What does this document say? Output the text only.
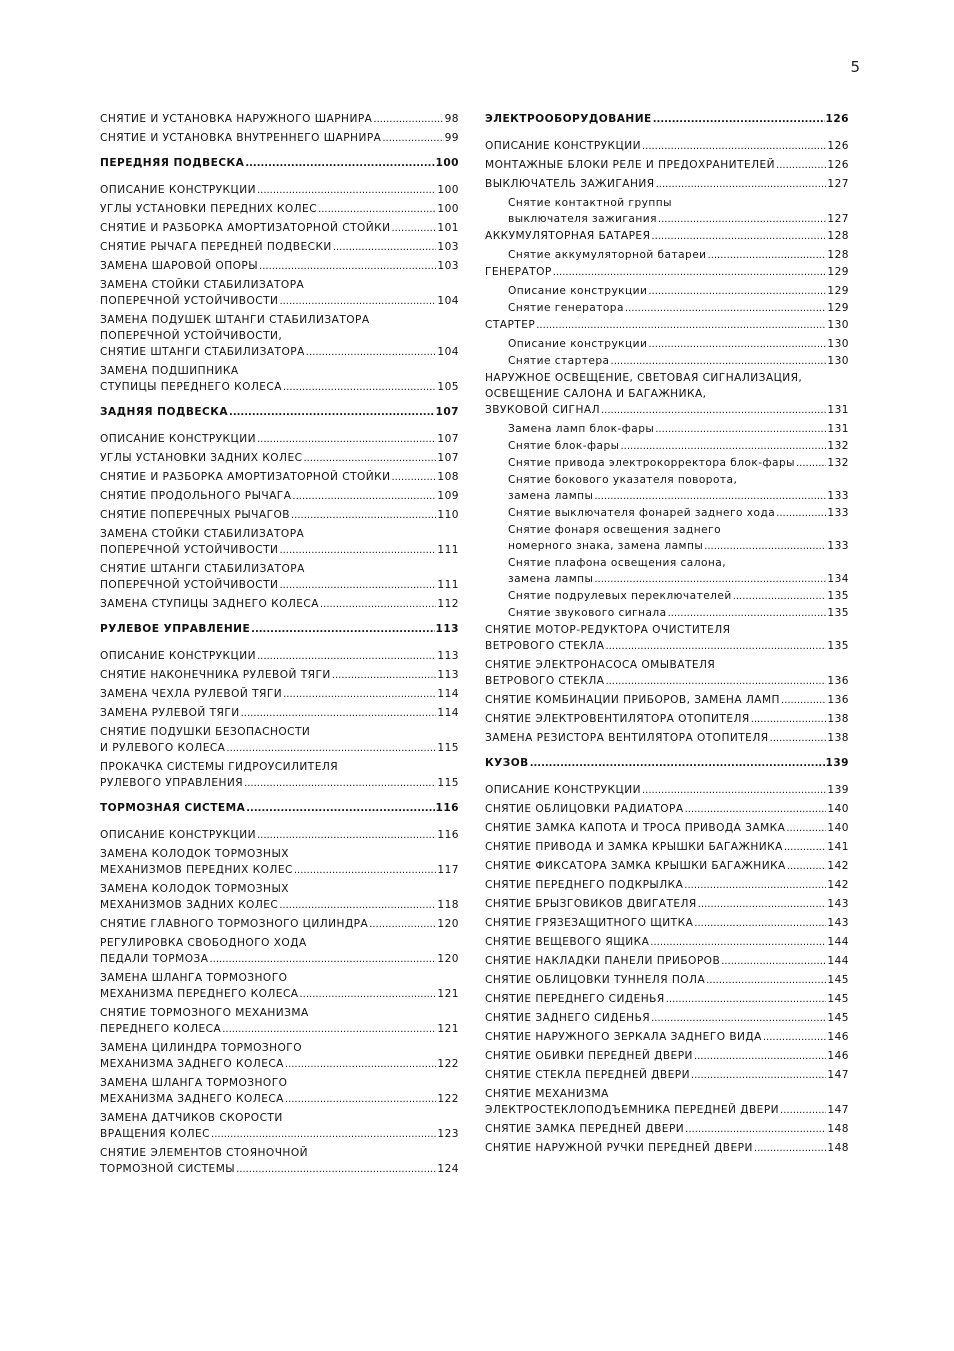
5
СНЯТИЕ И УСТАНОВКА НАРУЖНОГО ШАРНИРА .....	98
СНЯТИЕ И УСТАНОВКА ВНУТРЕННЕГО ШАРНИРА .....	99
ПЕРЕДНЯЯ ПОДВЕСКА .....	100
ОПИСАНИЕ КОНСТРУКЦИИ .....	100
УГЛЫ УСТАНОВКИ ПЕРЕДНИХ КОЛЕС .....	100
СНЯТИЕ И РАЗБОРКА АМОРТИЗАТОРНОЙ СТОЙКИ .....	101
СНЯТИЕ РЫЧАГА ПЕРЕДНЕЙ ПОДВЕСКИ .....	103
ЗАМЕНА ШАРОВОЙ ОПОРЫ .....	103
ЗАМЕНА СТОЙКИ СТАБИЛИЗАТОРА
ПОПЕРЕЧНОЙ УСТОЙЧИВОСТИ .....	104
ЗАМЕНА ПОДУШЕК ШТАНГИ СТАБИЛИЗАТОРА
ПОПЕРЕЧНОЙ УСТОЙЧИВОСТИ,
СНЯТИЕ ШТАНГИ СТАБИЛИЗАТОРА .....	104
ЗАМЕНА ПОДШИПНИКА
СТУПИЦЫ ПЕРЕДНЕГО КОЛЕСА .....	105
ЗАДНЯЯ ПОДВЕСКА .....	107
ОПИСАНИЕ КОНСТРУКЦИИ .....	107
УГЛЫ УСТАНОВКИ ЗАДНИХ КОЛЕС .....	107
СНЯТИЕ И РАЗБОРКА АМОРТИЗАТОРНОЙ СТОЙКИ .....	108
СНЯТИЕ ПРОДОЛЬНОГО РЫЧАГА .....	109
СНЯТИЕ ПОПЕРЕЧНЫХ РЫЧАГОВ .....	110
ЗАМЕНА СТОЙКИ СТАБИЛИЗАТОРА
ПОПЕРЕЧНОЙ УСТОЙЧИВОСТИ .....	111
СНЯТИЕ ШТАНГИ СТАБИЛИЗАТОРА
ПОПЕРЕЧНОЙ УСТОЙЧИВОСТИ .....	111
ЗАМЕНА СТУПИЦЫ ЗАДНЕГО КОЛЕСА .....	112
РУЛЕВОЕ УПРАВЛЕНИЕ .....	113
ОПИСАНИЕ КОНСТРУКЦИИ .....	113
СНЯТИЕ НАКОНЕЧНИКА РУЛЕВОЙ ТЯГИ .....	113
ЗАМЕНА ЧЕХЛА РУЛЕВОЙ ТЯГИ .....	114
ЗАМЕНА РУЛЕВОЙ ТЯГИ .....	114
СНЯТИЕ ПОДУШКИ БЕЗОПАСНОСТИ
И РУЛЕВОГО КОЛЕСА .....	115
ПРОКАЧКА СИСТЕМЫ ГИДРОУСИЛИТЕЛЯ
РУЛЕВОГО УПРАВЛЕНИЯ .....	115
ТОРМОЗНАЯ СИСТЕМА .....	116
ОПИСАНИЕ КОНСТРУКЦИИ .....	116
ЗАМЕНА КОЛОДОК ТОРМОЗНЫХ
МЕХАНИЗМОВ ПЕРЕДНИХ КОЛЕС .....	117
ЗАМЕНА КОЛОДОК ТОРМОЗНЫХ
МЕХАНИЗМОВ ЗАДНИХ КОЛЕС .....	118
СНЯТИЕ ГЛАВНОГО ТОРМОЗНОГО ЦИЛИНДРА .....	120
РЕГУЛИРОВКА СВОБОДНОГО ХОДА
ПЕДАЛИ ТОРМОЗА .....	120
ЗАМЕНА ШЛАНГА ТОРМОЗНОГО
МЕХАНИЗМА ПЕРЕДНЕГО КОЛЕСА .....	121
СНЯТИЕ ТОРМОЗНОГО МЕХАНИЗМА
ПЕРЕДНЕГО КОЛЕСА .....	121
ЗАМЕНА ЦИЛИНДРА ТОРМОЗНОГО
МЕХАНИЗМА ЗАДНЕГО КОЛЕСА .....	122
ЗАМЕНА ШЛАНГА ТОРМОЗНОГО
МЕХАНИЗМА ЗАДНЕГО КОЛЕСА .....	122
ЗАМЕНА ДАТЧИКОВ СКОРОСТИ
ВРАЩЕНИЯ КОЛЕС .....	123
СНЯТИЕ ЭЛЕМЕНТОВ СТОЯНОЧНОЙ
ТОРМОЗНОЙ СИСТЕМЫ .....	124
ЭЛЕКТРООБОРУДОВАНИЕ .....	126
ОПИСАНИЕ КОНСТРУКЦИИ .....	126
МОНТАЖНЫЕ БЛОКИ РЕЛЕ И ПРЕДОХРАНИТЕЛЕЙ .....	126
ВЫКЛЮЧАТЕЛЬ ЗАЖИГАНИЯ .....	127
Снятие контактной группы
выключателя зажигания .....	127
АККУМУЛЯТОРНАЯ БАТАРЕЯ .....	128
Снятие аккумуляторной батареи .....	128
ГЕНЕРАТОР .....	129
Описание конструкции .....	129
Снятие генератора .....	129
СТАРТЕР .....	130
Описание конструкции .....	130
Снятие стартера .....	130
НАРУЖНОЕ ОСВЕЩЕНИЕ, СВЕТОВАЯ СИГНАЛИЗАЦИЯ,
ОСВЕЩЕНИЕ САЛОНА И БАГАЖНИКА,
ЗВУКОВОЙ СИГНАЛ .....	131
Замена ламп блок-фары .....	131
Снятие блок-фары .....	132
Снятие привода электрокорректора блок-фары .....	132
Снятие бокового указателя поворота,
замена лампы .....	133
Снятие выключателя фонарей заднего хода .....	133
Снятие фонаря освещения заднего
номерного знака, замена лампы .....	133
Снятие плафона освещения салона,
замена лампы .....	134
Снятие подрулевых переключателей .....	135
Снятие звукового сигнала .....	135
СНЯТИЕ МОТОР-РЕДУКТОРА ОЧИСТИТЕЛЯ
ВЕТРОВОГО СТЕКЛА .....	135
СНЯТИЕ ЭЛЕКТРОНАСОСА ОМЫВАТЕЛЯ
ВЕТРОВОГО СТЕКЛА .....	136
СНЯТИЕ КОМБИНАЦИИ ПРИБОРОВ, ЗАМЕНА ЛАМП .....	136
СНЯТИЕ ЭЛЕКТРОВЕНТИЛЯТОРА ОТОПИТЕЛЯ .....	138
ЗАМЕНА РЕЗИСТОРА ВЕНТИЛЯТОРА ОТОПИТЕЛЯ .....	138
КУЗОВ .....	139
ОПИСАНИЕ КОНСТРУКЦИИ .....	139
СНЯТИЕ ОБЛИЦОВКИ РАДИАТОРА .....	140
СНЯТИЕ ЗАМКА КАПОТА И ТРОСА ПРИВОДА ЗАМКА .....	140
СНЯТИЕ ПРИВОДА И ЗАМКА КРЫШКИ БАГАЖНИКА .....	141
СНЯТИЕ ФИКСАТОРА ЗАМКА КРЫШКИ БАГАЖНИКА .....	142
СНЯТИЕ ПЕРЕДНЕГО ПОДКРЫЛКА .....	142
СНЯТИЕ БРЫЗГОВИКОВ ДВИГАТЕЛЯ .....	143
СНЯТИЕ ГРЯЗЕЗАЩИТНОГО ЩИТКА .....	143
СНЯТИЕ ВЕЩЕВОГО ЯЩИКА .....	144
СНЯТИЕ НАКЛАДКИ ПАНЕЛИ ПРИБОРОВ .....	144
СНЯТИЕ ОБЛИЦОВКИ ТУННЕЛЯ ПОЛА .....	145
СНЯТИЕ ПЕРЕДНЕГО СИДЕНЬЯ .....	145
СНЯТИЕ ЗАДНЕГО СИДЕНЬЯ .....	145
СНЯТИЕ НАРУЖНОГО ЗЕРКАЛА ЗАДНЕГО ВИДА .....	146
СНЯТИЕ ОБИВКИ ПЕРЕДНЕЙ ДВЕРИ .....	146
СНЯТИЕ СТЕКЛА ПЕРЕДНЕЙ ДВЕРИ .....	147
СНЯТИЕ МЕХАНИЗМА
ЭЛЕКТРОСТЕКЛОПОДЪЕМНИКА ПЕРЕДНЕЙ ДВЕРИ .....	147
СНЯТИЕ ЗАМКА ПЕРЕДНЕЙ ДВЕРИ .....	148
СНЯТИЕ НАРУЖНОЙ РУЧКИ ПЕРЕДНЕЙ ДВЕРИ .....	148
